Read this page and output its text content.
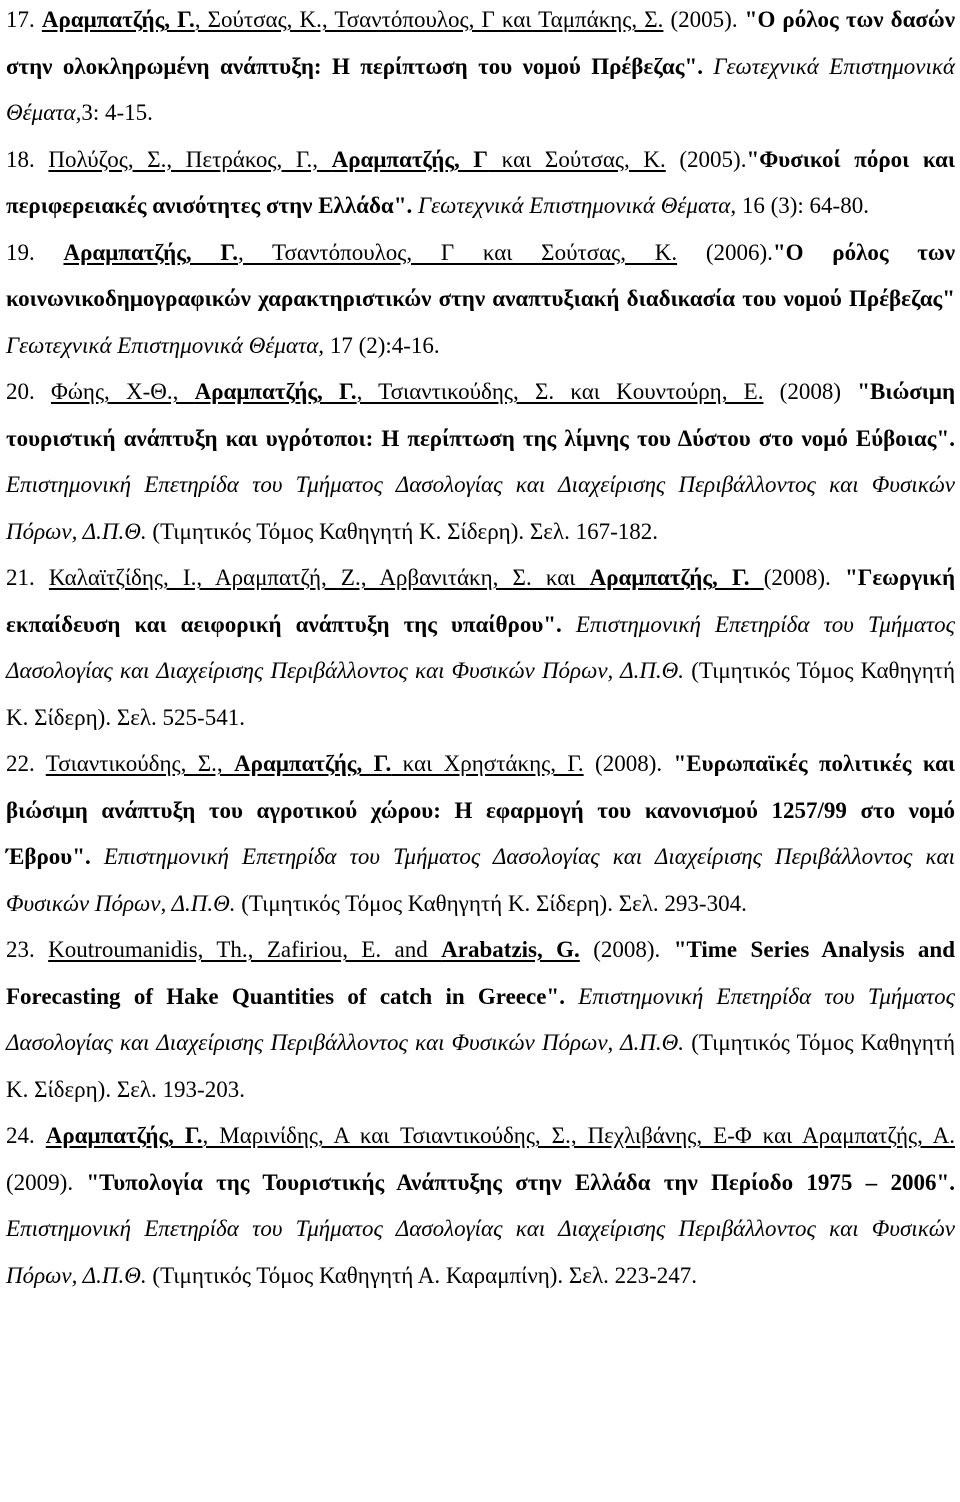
17. Αραμπατζής, Γ., Σούτσας, Κ., Τσαντόπουλος, Γ και Ταμπάκης, Σ. (2005). "Ο ρόλος των δασών στην ολοκληρωμένη ανάπτυξη: Η περίπτωση του νομού Πρέβεζας". Γεωτεχνικά Επιστημονικά Θέματα,3: 4-15.
18. Πολύζος, Σ., Πετράκος, Γ., Αραμπατζής, Γ και Σούτσας, Κ. (2005)."Φυσικοί πόροι και περιφερειακές ανισότητες στην Ελλάδα". Γεωτεχνικά Επιστημονικά Θέματα, 16 (3): 64-80.
19. Αραμπατζής, Γ., Τσαντόπουλος, Γ και Σούτσας, Κ. (2006)."Ο ρόλος των κοινωνικοδημογραφικών χαρακτηριστικών στην αναπτυξιακή διαδικασία του νομού Πρέβεζας" Γεωτεχνικά Επιστημονικά Θέματα, 17 (2):4-16.
20. Φώης, Χ-Θ., Αραμπατζής, Γ., Τσιαντικούδης, Σ. και Κουντούρη, Ε. (2008) "Βιώσιμη τουριστική ανάπτυξη και υγρότοποι: Η περίπτωση της λίμνης του Δύστου στο νομό Εύβοιας". Επιστημονική Επετηρίδα του Τμήματος Δασολογίας και Διαχείρισης Περιβάλλοντος και Φυσικών Πόρων, Δ.Π.Θ. (Τιμητικός Τόμος Καθηγητή Κ. Σίδερη). Σελ. 167-182.
21. Καλαϊτζίδης, Ι., Αραμπατζή, Ζ., Αρβανιτάκη, Σ. και Αραμπατζής, Γ. (2008). "Γεωργική εκπαίδευση και αειφορική ανάπτυξη της υπαίθρου". Επιστημονική Επετηρίδα του Τμήματος Δασολογίας και Διαχείρισης Περιβάλλοντος και Φυσικών Πόρων, Δ.Π.Θ. (Τιμητικός Τόμος Καθηγητή Κ. Σίδερη). Σελ. 525-541.
22. Τσιαντικούδης, Σ., Αραμπατζής, Γ. και Χρηστάκης, Γ. (2008). "Ευρωπαϊκές πολιτικές και βιώσιμη ανάπτυξη του αγροτικού χώρου: Η εφαρμογή του κανονισμού 1257/99 στο νομό Έβρου". Επιστημονική Επετηρίδα του Τμήματος Δασολογίας και Διαχείρισης Περιβάλλοντος και Φυσικών Πόρων, Δ.Π.Θ. (Τιμητικός Τόμος Καθηγητή Κ. Σίδερη). Σελ. 293-304.
23. Koutroumanidis, Th., Zafiriou, E. and Arabatzis, G. (2008). "Time Series Analysis and Forecasting of Hake Quantities of catch in Greece". Επιστημονική Επετηρίδα του Τμήματος Δασολογίας και Διαχείρισης Περιβάλλοντος και Φυσικών Πόρων, Δ.Π.Θ. (Τιμητικός Τόμος Καθηγητή Κ. Σίδερη). Σελ. 193-203.
24. Αραμπατζής, Γ., Μαρινίδης, Α και Τσιαντικούδης, Σ., Πεχλιβάνης, Ε-Φ και Αραμπατζής, Α. (2009). "Τυπολογία της Τουριστικής Ανάπτυξης στην Ελλάδα την Περίοδο 1975 – 2006". Επιστημονική Επετηρίδα του Τμήματος Δασολογίας και Διαχείρισης Περιβάλλοντος και Φυσικών Πόρων, Δ.Π.Θ. (Τιμητικός Τόμος Καθηγητή Α. Καραμπίνη). Σελ. 223-247.
